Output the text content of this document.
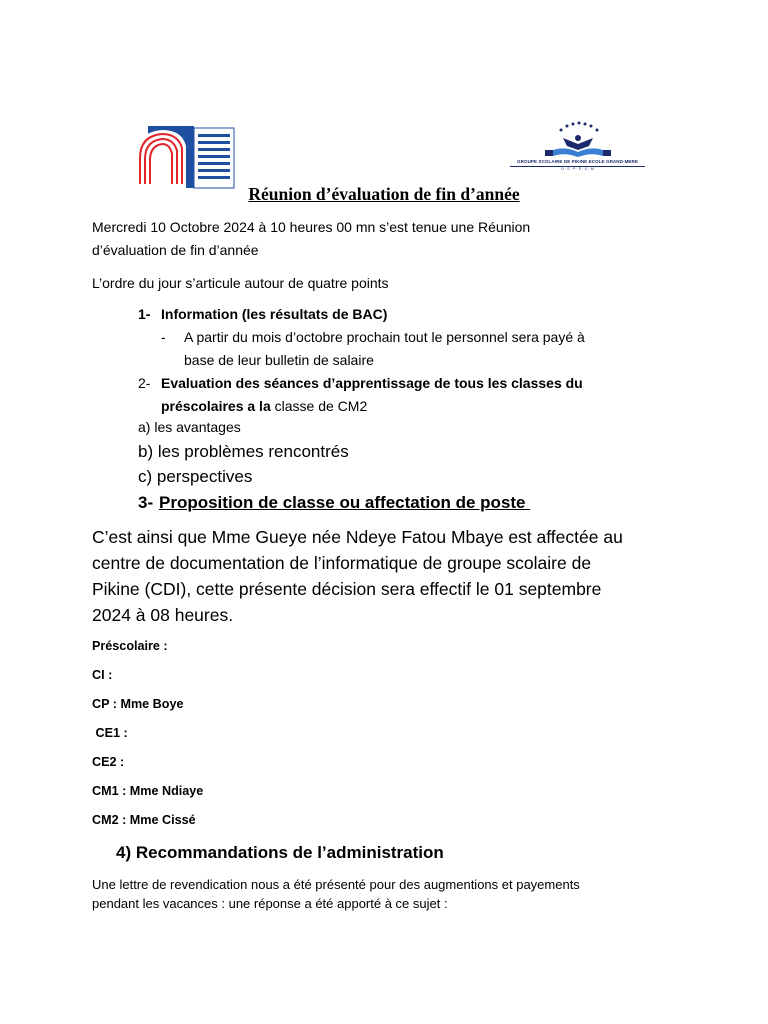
GROUPE SCOLAIRE DE PIKINE ECOLE GRAND-MERE
D · S · P · É · G · M
Réunion d’évaluation de fin d’année
Mercredi 10 Octobre 2024 à 10 heures 00 mn s’est tenue une Réunion
d’évaluation de fin d’année
L’ordre du jour s’articule autour de quatre points
1- Information (les résultats de BAC)
- A partir du mois d’octobre prochain tout le personnel sera payé à
base de leur bulletin de salaire
2- Evaluation des séances d’apprentissage de tous les classes du
préscolaires a la classe de CM2
a) les avantages
b) les problèmes rencontrés
c) perspectives
3- Proposition de classe ou affectation de poste
C’est ainsi que Mme Gueye née Ndeye Fatou Mbaye est affectée au
centre de documentation de l’informatique de groupe scolaire de
Pikine (CDI), cette présente décision sera effectif le 01 septembre
2024 à 08 heures.
Préscolaire :
CI :
CP : Mme Boye
CE1 :
CE2 :
CM1 : Mme Ndiaye
CM2 : Mme Cissé
4) Recommandations de l’administration
Une lettre de revendication nous a été présenté pour des augmentions et payements
pendant les vacances : une réponse a été apporté à ce sujet :
